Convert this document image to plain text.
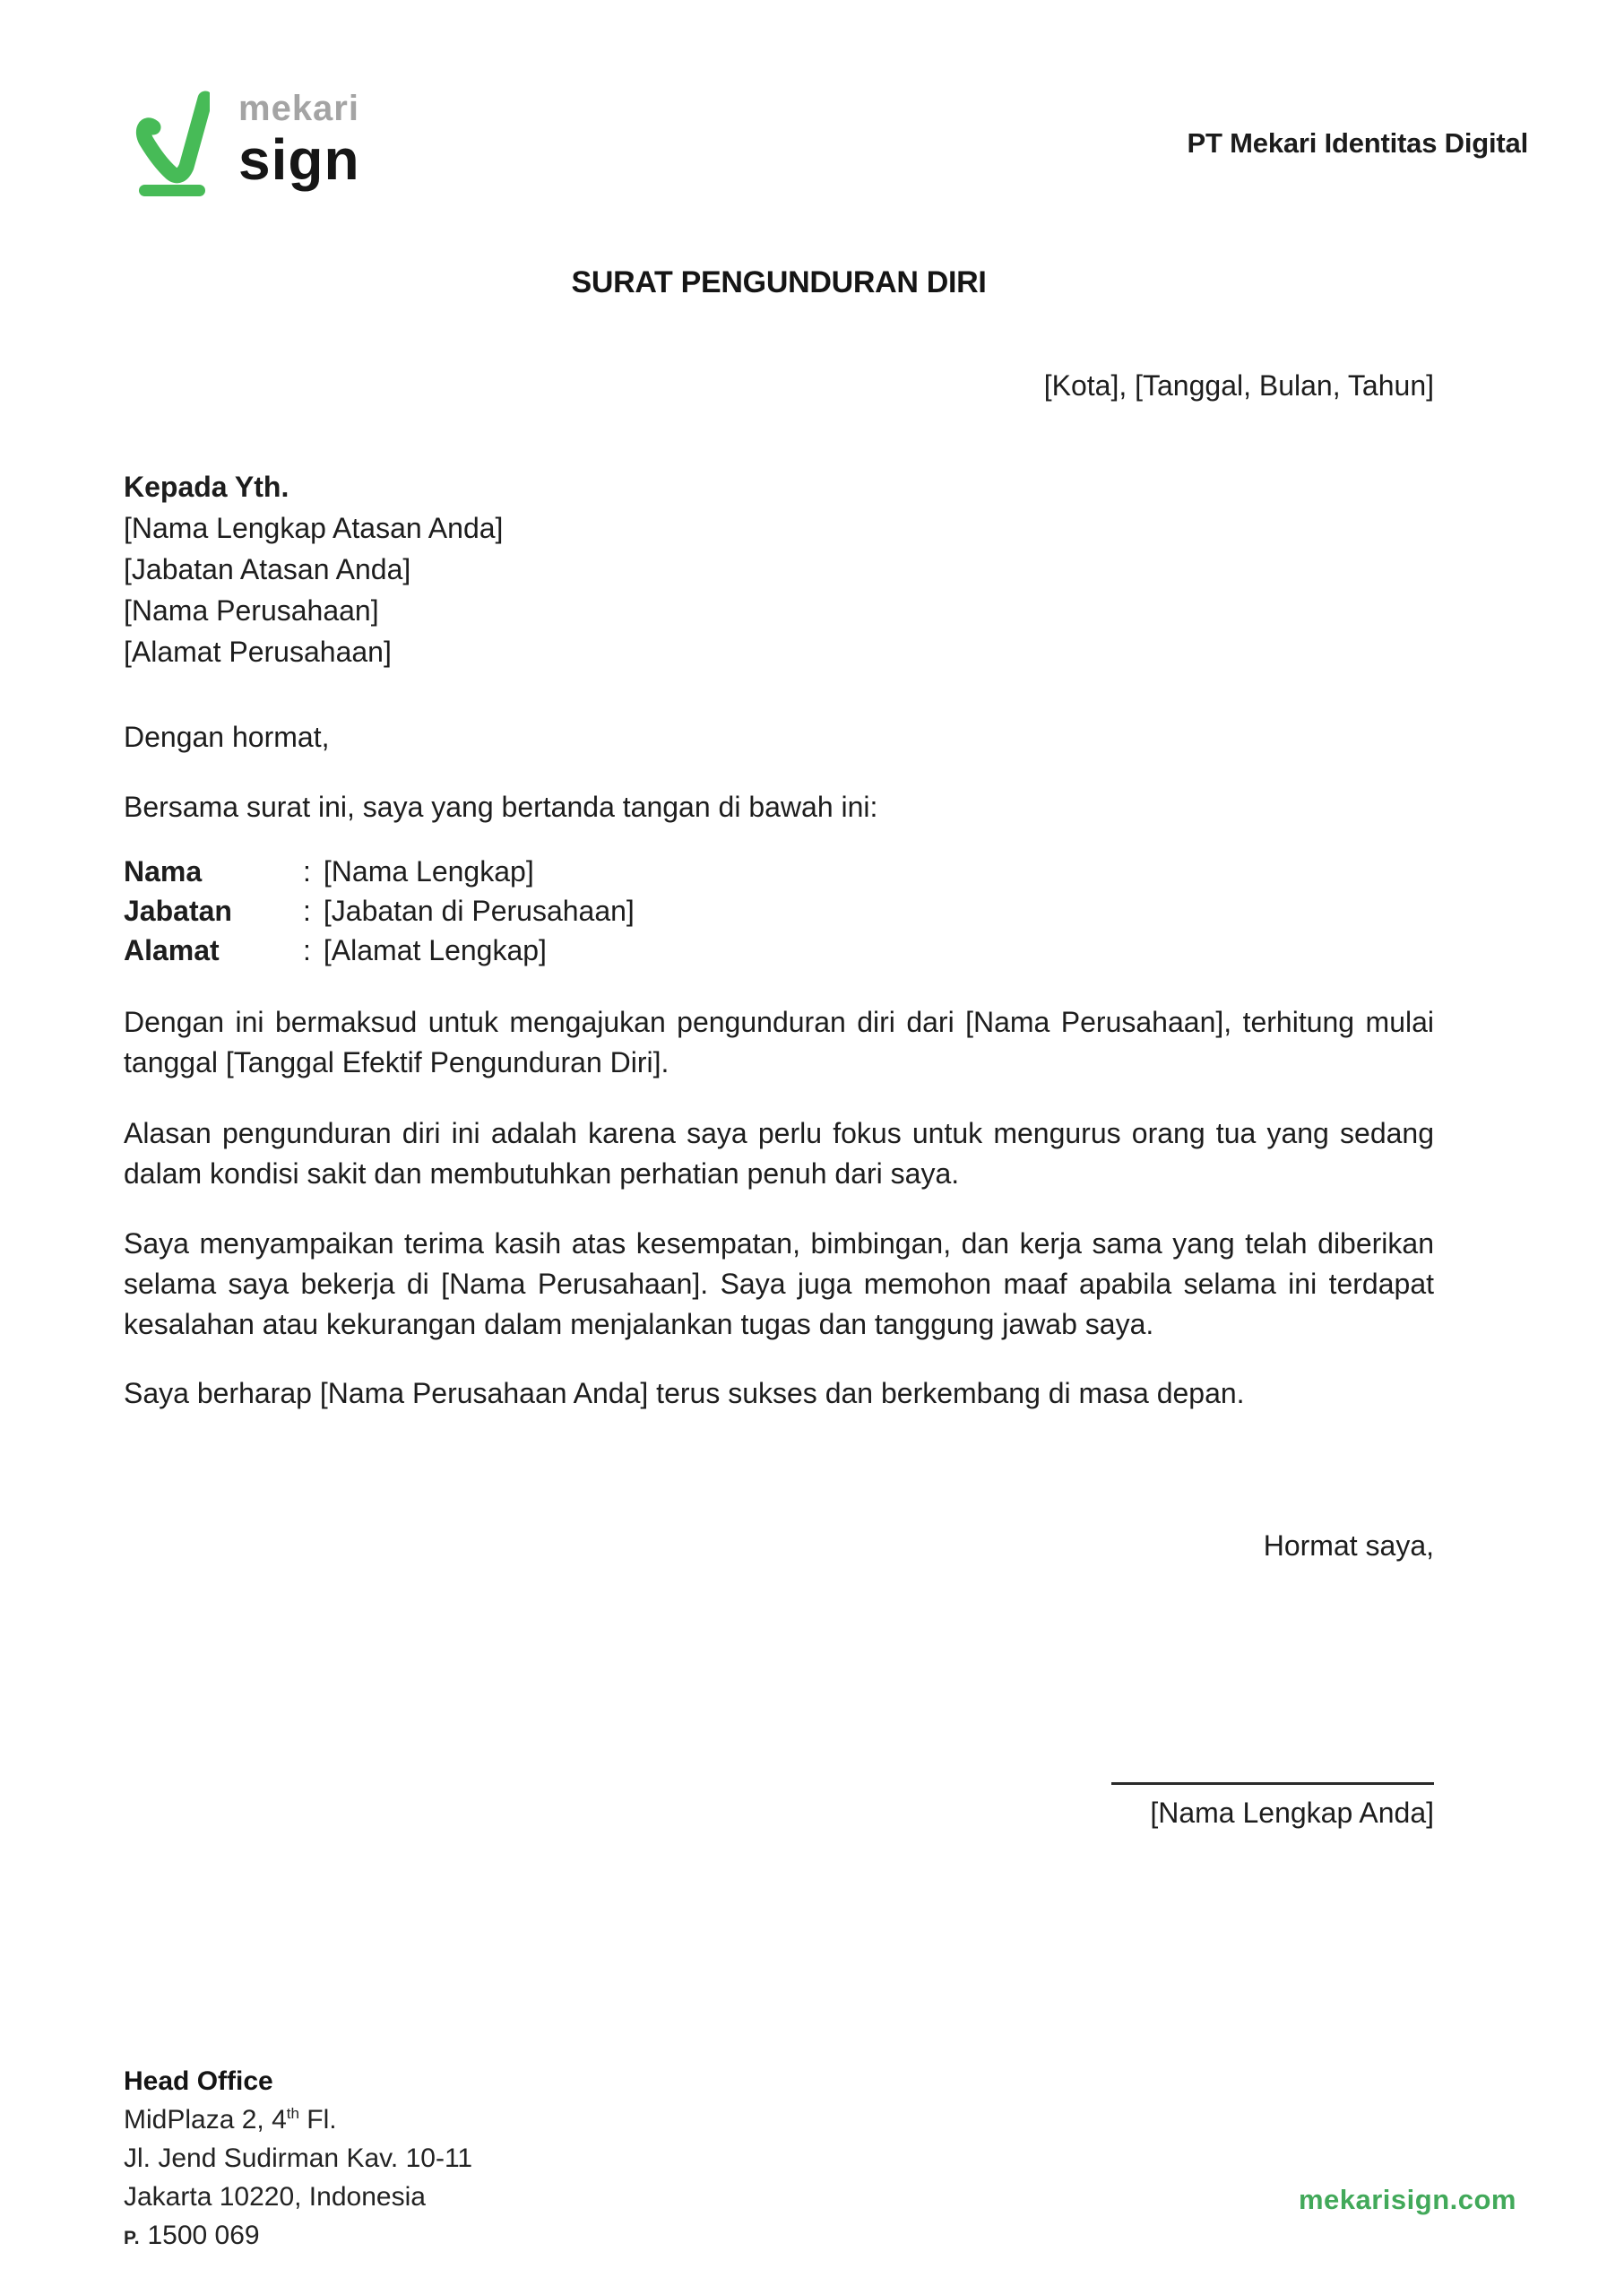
mekari
sign	PT Mekari Identitas Digital
SURAT PENGUNDURAN DIRI
[Kota], [Tanggal, Bulan, Tahun]
Kepada Yth.
[Nama Lengkap Atasan Anda]
[Jabatan Atasan Anda]
[Nama Perusahaan]
[Alamat Perusahaan]
Dengan hormat,
Bersama surat ini, saya yang bertanda tangan di bawah ini:
Nama	: [Nama Lengkap]
Jabatan	: [Jabatan di Perusahaan]
Alamat	: [Alamat Lengkap]
Dengan ini bermaksud untuk mengajukan pengunduran diri dari [Nama Perusahaan], terhitung mulai tanggal [Tanggal Efektif Pengunduran Diri].
Alasan pengunduran diri ini adalah karena saya perlu fokus untuk mengurus orang tua yang sedang dalam kondisi sakit dan membutuhkan perhatian penuh dari saya.
Saya menyampaikan terima kasih atas kesempatan, bimbingan, dan kerja sama yang telah diberikan selama saya bekerja di [Nama Perusahaan]. Saya juga memohon maaf apabila selama ini terdapat kesalahan atau kekurangan dalam menjalankan tugas dan tanggung jawab saya.
Saya berharap [Nama Perusahaan Anda] terus sukses dan berkembang di masa depan.
Hormat saya,
[Nama Lengkap Anda]
Head Office
MidPlaza 2, 4th Fl.
Jl. Jend Sudirman Kav. 10-11
Jakarta 10220, Indonesia
P. 1500 069
mekarisign.com
